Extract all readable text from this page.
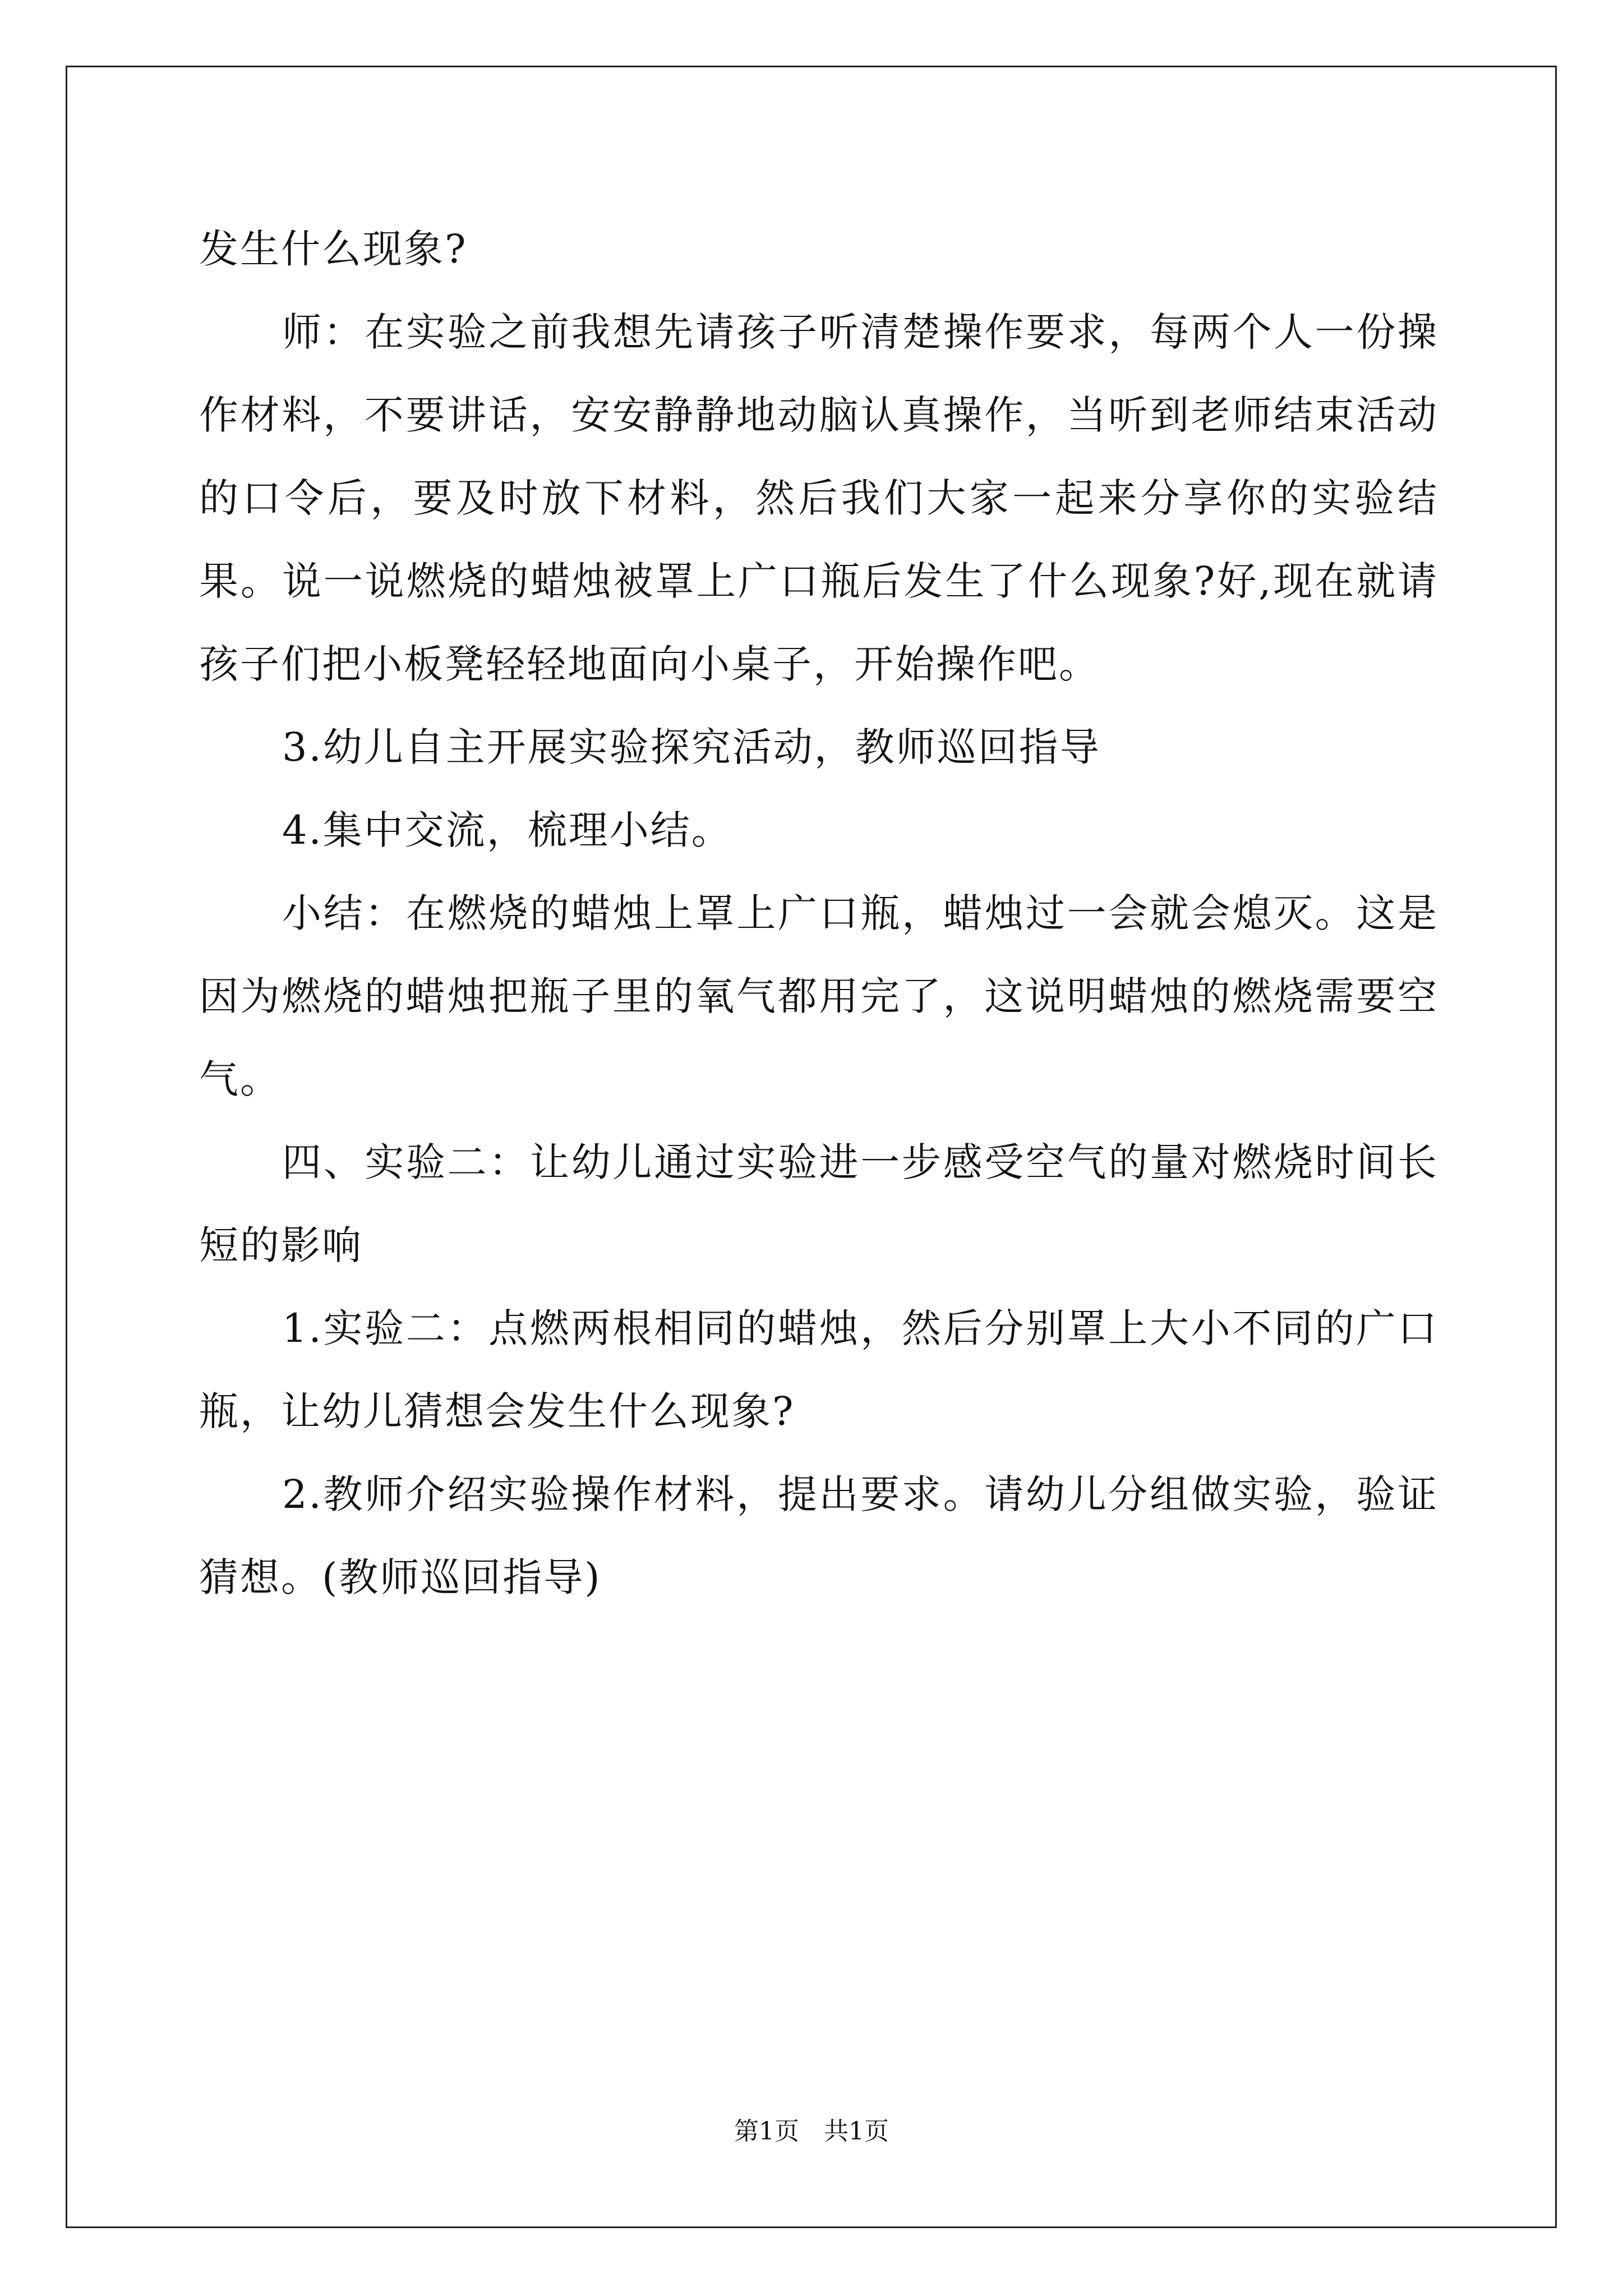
发生什么现象?

师：在实验之前我想先请孩子听清楚操作要求，每两个人一份操作材料，不要讲话，安安静静地动脑认真操作，当听到老师结束活动的口令后，要及时放下材料，然后我们大家一起来分享你的实验结果。说一说燃烧的蜡烛被罩上广口瓶后发生了什么现象?好,现在就请孩子们把小板凳轻轻地面向小桌子，开始操作吧。

3.幼儿自主开展实验探究活动，教师巡回指导

4.集中交流，梳理小结。

小结：在燃烧的蜡烛上罩上广口瓶，蜡烛过一会就会熄灭。这是因为燃烧的蜡烛把瓶子里的氧气都用完了，这说明蜡烛的燃烧需要空气。

四、实验二：让幼儿通过实验进一步感受空气的量对燃烧时间长短的影响

1.实验二：点燃两根相同的蜡烛，然后分别罩上大小不同的广口瓶，让幼儿猜想会发生什么现象?

2.教师介绍实验操作材料，提出要求。请幼儿分组做实验，验证猜想。(教师巡回指导)

第1页　 共1页
